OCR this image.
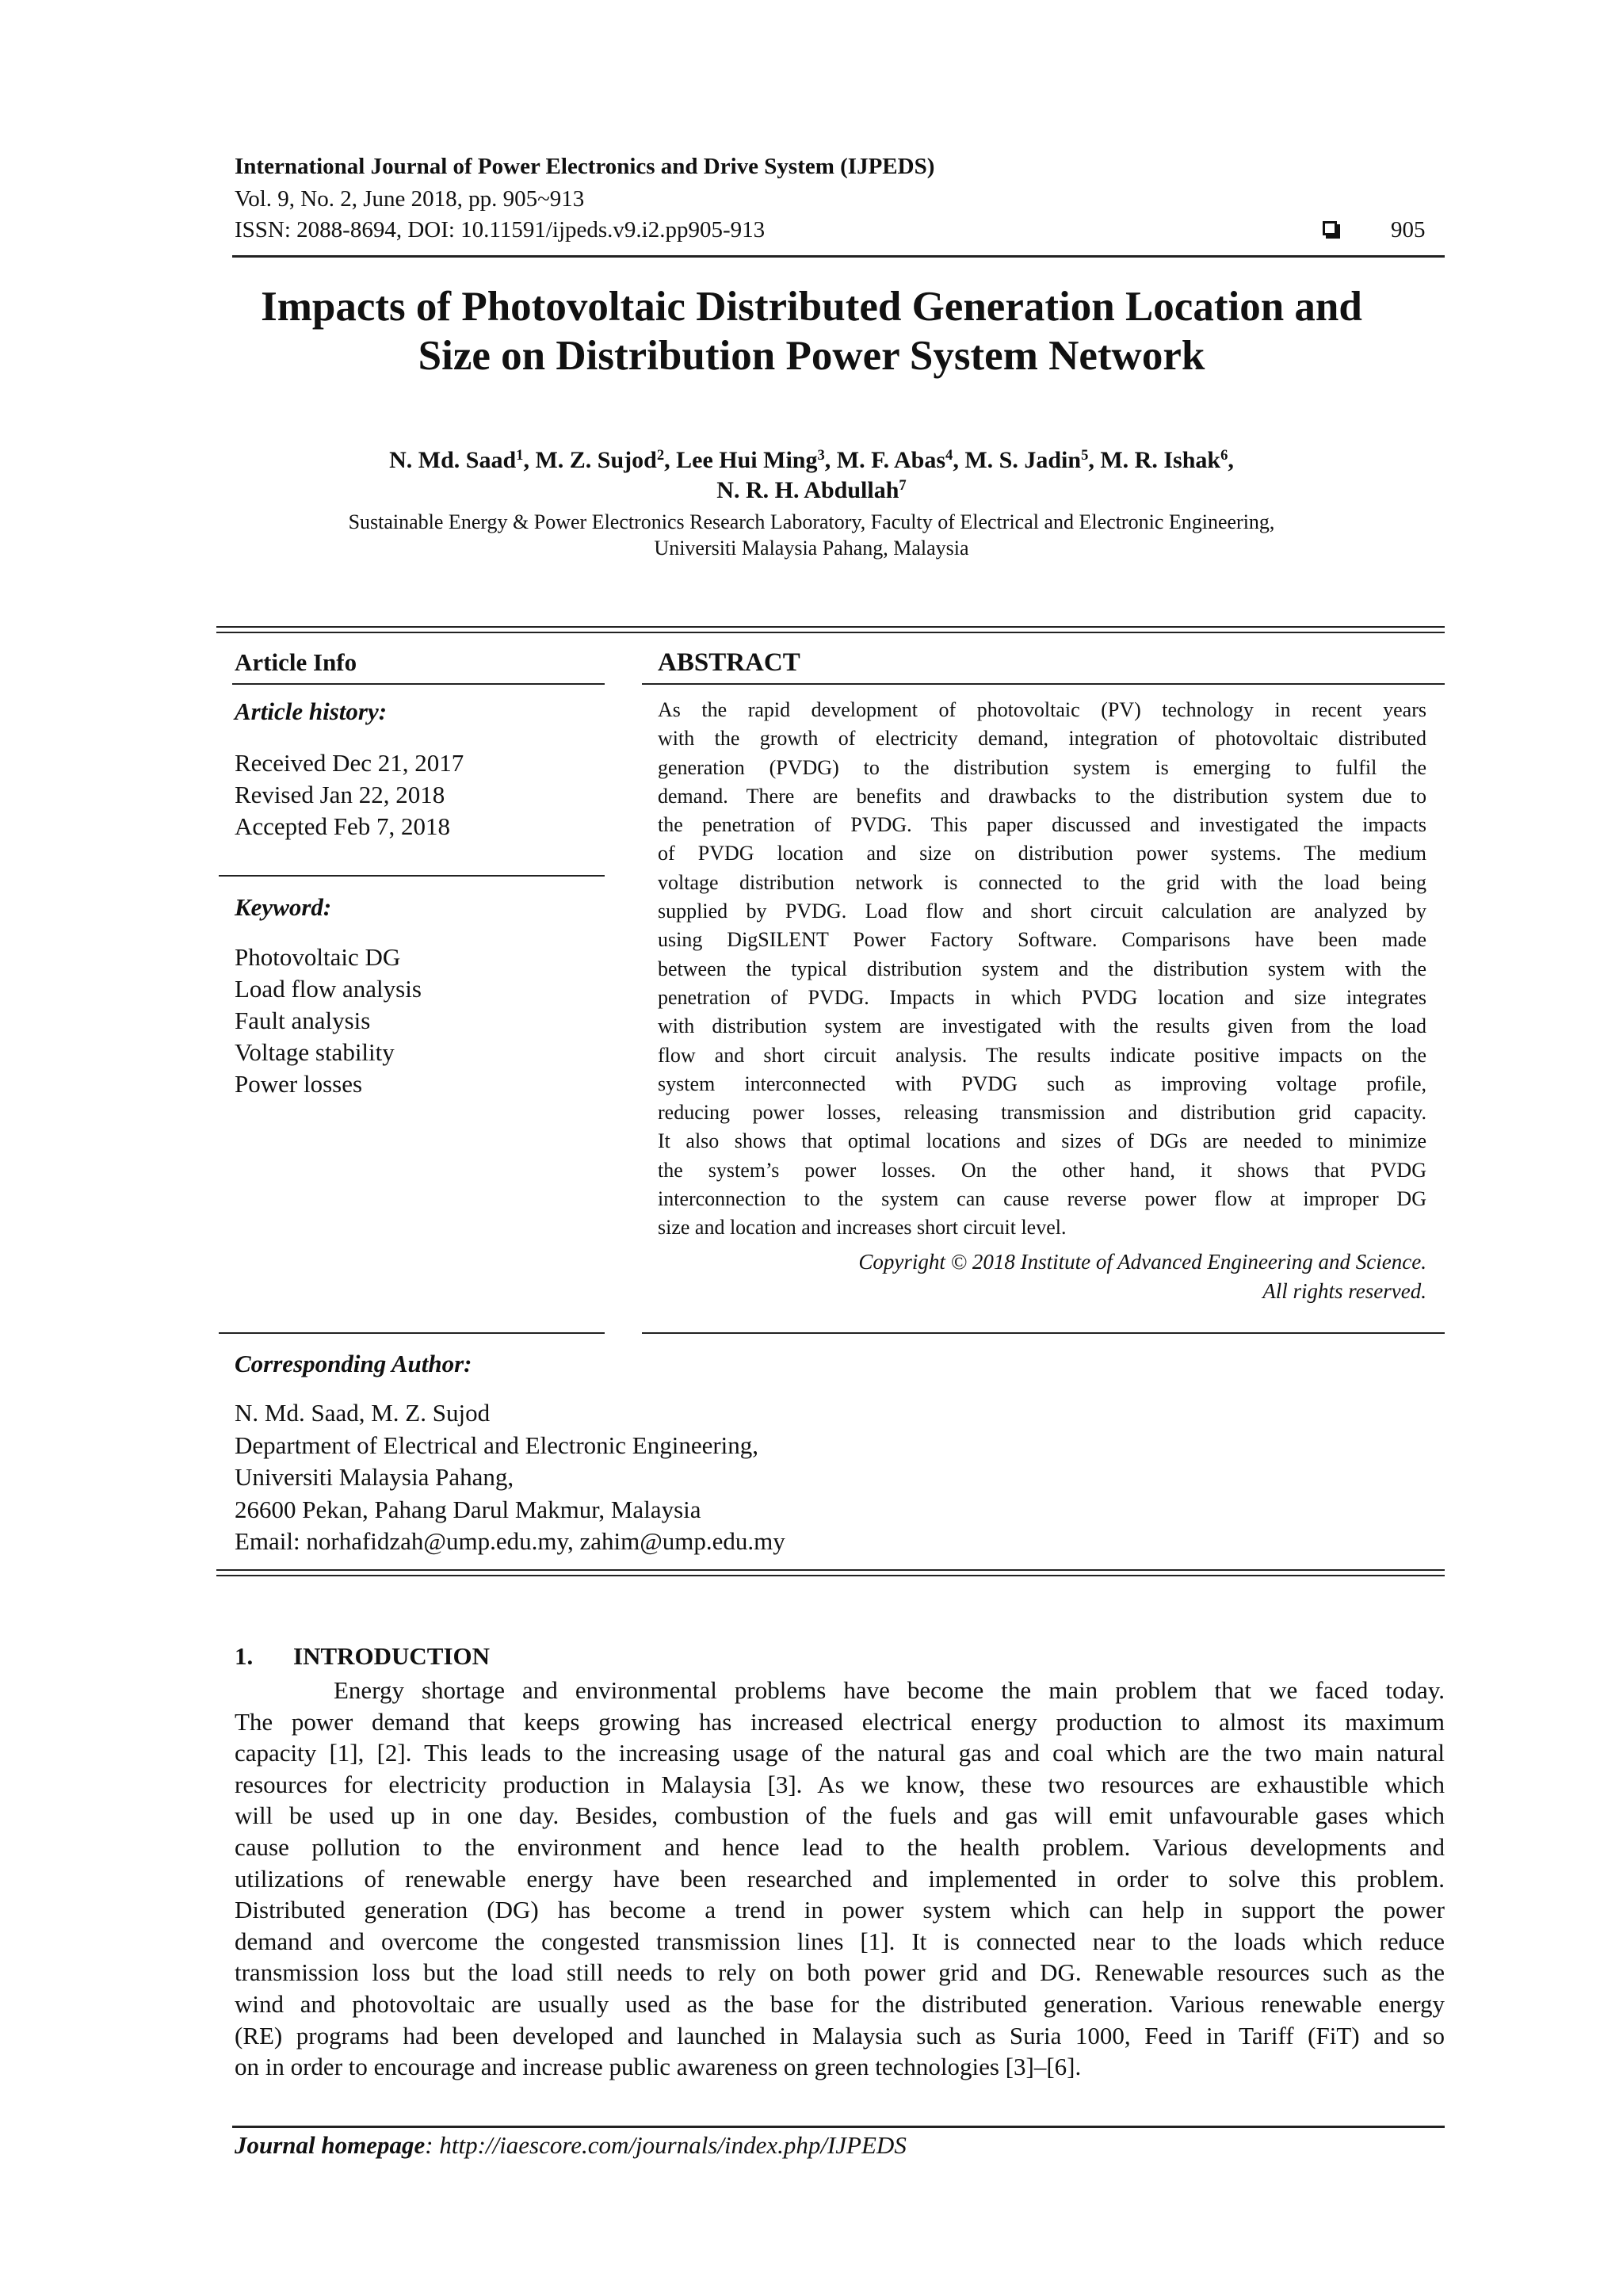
International Journal of Power Electronics and Drive System (IJPEDS)
Vol. 9, No. 2, June 2018, pp. 905~913
ISSN: 2088-8694, DOI: 10.11591/ijpeds.v9.i2.pp905-913	905
Impacts of Photovoltaic Distributed Generation Location and
Size on Distribution Power System Network
N. Md. Saad$^1$, M. Z. Sujod$^2$, Lee Hui Ming$^3$, M. F. Abas$^4$, M. S. Jadin$^5$, M. R. Ishak$^6$,
N. R. H. Abdullah$^7$
Sustainable Energy & Power Electronics Research Laboratory, Faculty of Electrical and Electronic Engineering,
Universiti Malaysia Pahang, Malaysia
Article Info
Article history:
Received Dec 21, 2017
Revised Jan 22, 2018
Accepted Feb 7, 2018
Keyword:
Photovoltaic DG
Load flow analysis
Fault analysis
Voltage stability
Power losses
ABSTRACT
As the rapid development of photovoltaic (PV) technology in recent years
with the growth of electricity demand, integration of photovoltaic distributed
generation (PVDG) to the distribution system is emerging to fulfil the
demand. There are benefits and drawbacks to the distribution system due to
the penetration of PVDG. This paper discussed and investigated the impacts
of PVDG location and size on distribution power systems. The medium
voltage distribution network is connected to the grid with the load being
supplied by PVDG. Load flow and short circuit calculation are analyzed by
using DigSILENT Power Factory Software. Comparisons have been made
between the typical distribution system and the distribution system with the
penetration of PVDG. Impacts in which PVDG location and size integrates
with distribution system are investigated with the results given from the load
flow and short circuit analysis. The results indicate positive impacts on the
system interconnected with PVDG such as improving voltage profile,
reducing power losses, releasing transmission and distribution grid capacity.
It also shows that optimal locations and sizes of DGs are needed to minimize
the system’s power losses. On the other hand, it shows that PVDG
interconnection to the system can cause reverse power flow at improper DG
size and location and increases short circuit level.
Copyright © 2018 Institute of Advanced Engineering and Science.
All rights reserved.
Corresponding Author:
N. Md. Saad, M. Z. Sujod
Department of Electrical and Electronic Engineering,
Universiti Malaysia Pahang,
26600 Pekan, Pahang Darul Makmur, Malaysia
Email: norhafidzah@ump.edu.my, zahim@ump.edu.my
1. INTRODUCTION
Energy shortage and environmental problems have become the main problem that we faced today.
The power demand that keeps growing has increased electrical energy production to almost its maximum
capacity [1], [2]. This leads to the increasing usage of the natural gas and coal which are the two main natural
resources for electricity production in Malaysia [3]. As we know, these two resources are exhaustible which
will be used up in one day. Besides, combustion of the fuels and gas will emit unfavourable gases which
cause pollution to the environment and hence lead to the health problem. Various developments and
utilizations of renewable energy have been researched and implemented in order to solve this problem.
Distributed generation (DG) has become a trend in power system which can help in support the power
demand and overcome the congested transmission lines [1]. It is connected near to the loads which reduce
transmission loss but the load still needs to rely on both power grid and DG. Renewable resources such as the
wind and photovoltaic are usually used as the base for the distributed generation. Various renewable energy
(RE) programs had been developed and launched in Malaysia such as Suria 1000, Feed in Tariff (FiT) and so
on in order to encourage and increase public awareness on green technologies [3]–[6].
Journal homepage: http://iaescore.com/journals/index.php/IJPEDS
